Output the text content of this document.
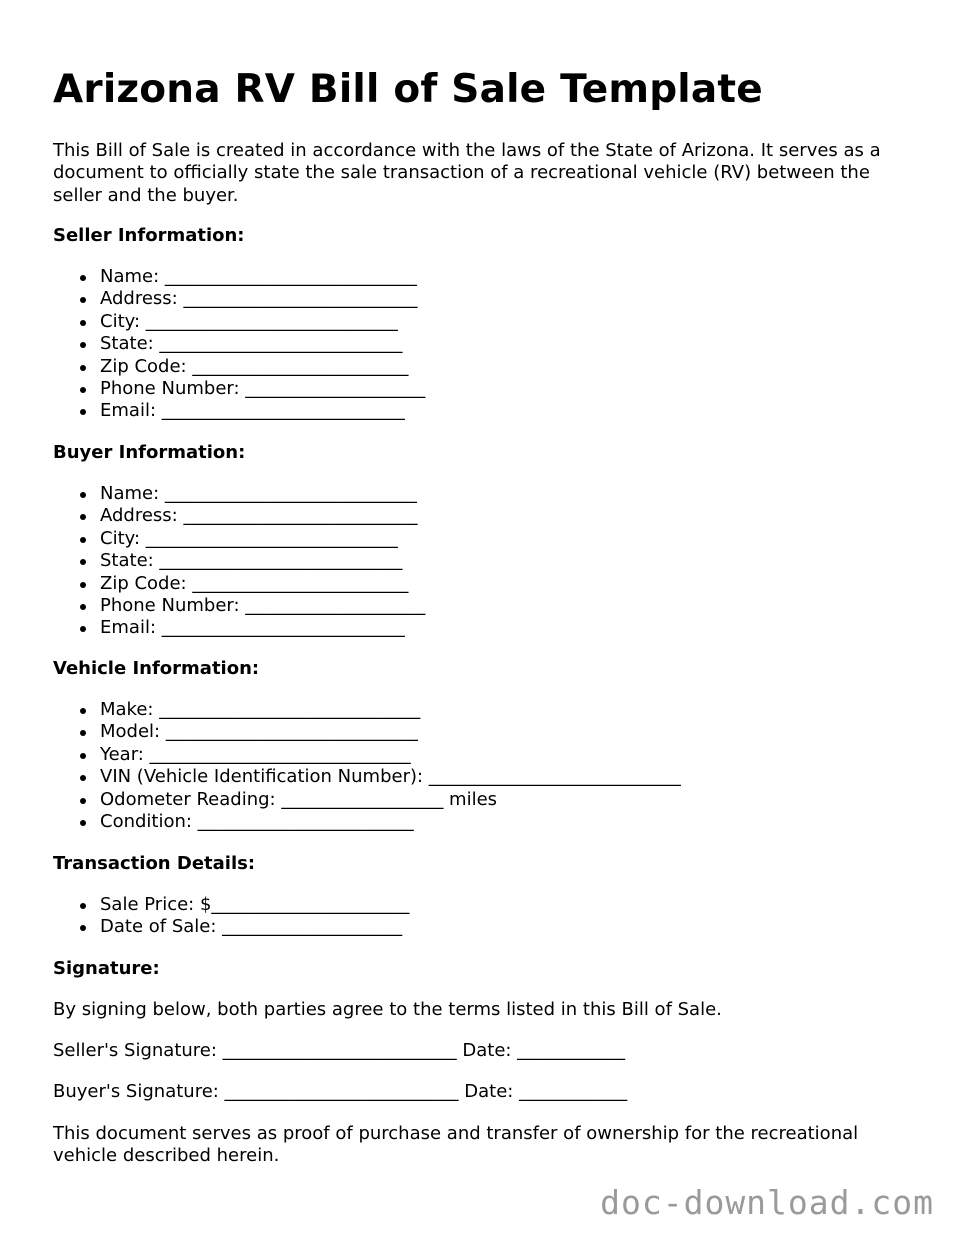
Arizona RV Bill of Sale Template

This Bill of Sale is created in accordance with the laws of the State of Arizona. It serves as a document to officially state the sale transaction of a recreational vehicle (RV) between the seller and the buyer.

Seller Information:

Name: ____________________________
Address: __________________________
City: ____________________________
State: ___________________________
Zip Code: ________________________
Phone Number: ____________________
Email: ___________________________

Buyer Information:

Name: ____________________________
Address: __________________________
City: ____________________________
State: ___________________________
Zip Code: ________________________
Phone Number: ____________________
Email: ___________________________

Vehicle Information:

Make: _____________________________
Model: ____________________________
Year: _____________________________
VIN (Vehicle Identification Number): ____________________________
Odometer Reading: __________________ miles
Condition: ________________________

Transaction Details:

Sale Price: $______________________
Date of Sale: ____________________

Signature:

By signing below, both parties agree to the terms listed in this Bill of Sale.

Seller's Signature: __________________________ Date: ____________

Buyer's Signature: __________________________ Date: ____________

This document serves as proof of purchase and transfer of ownership for the recreational vehicle described herein.

doc-download.com
